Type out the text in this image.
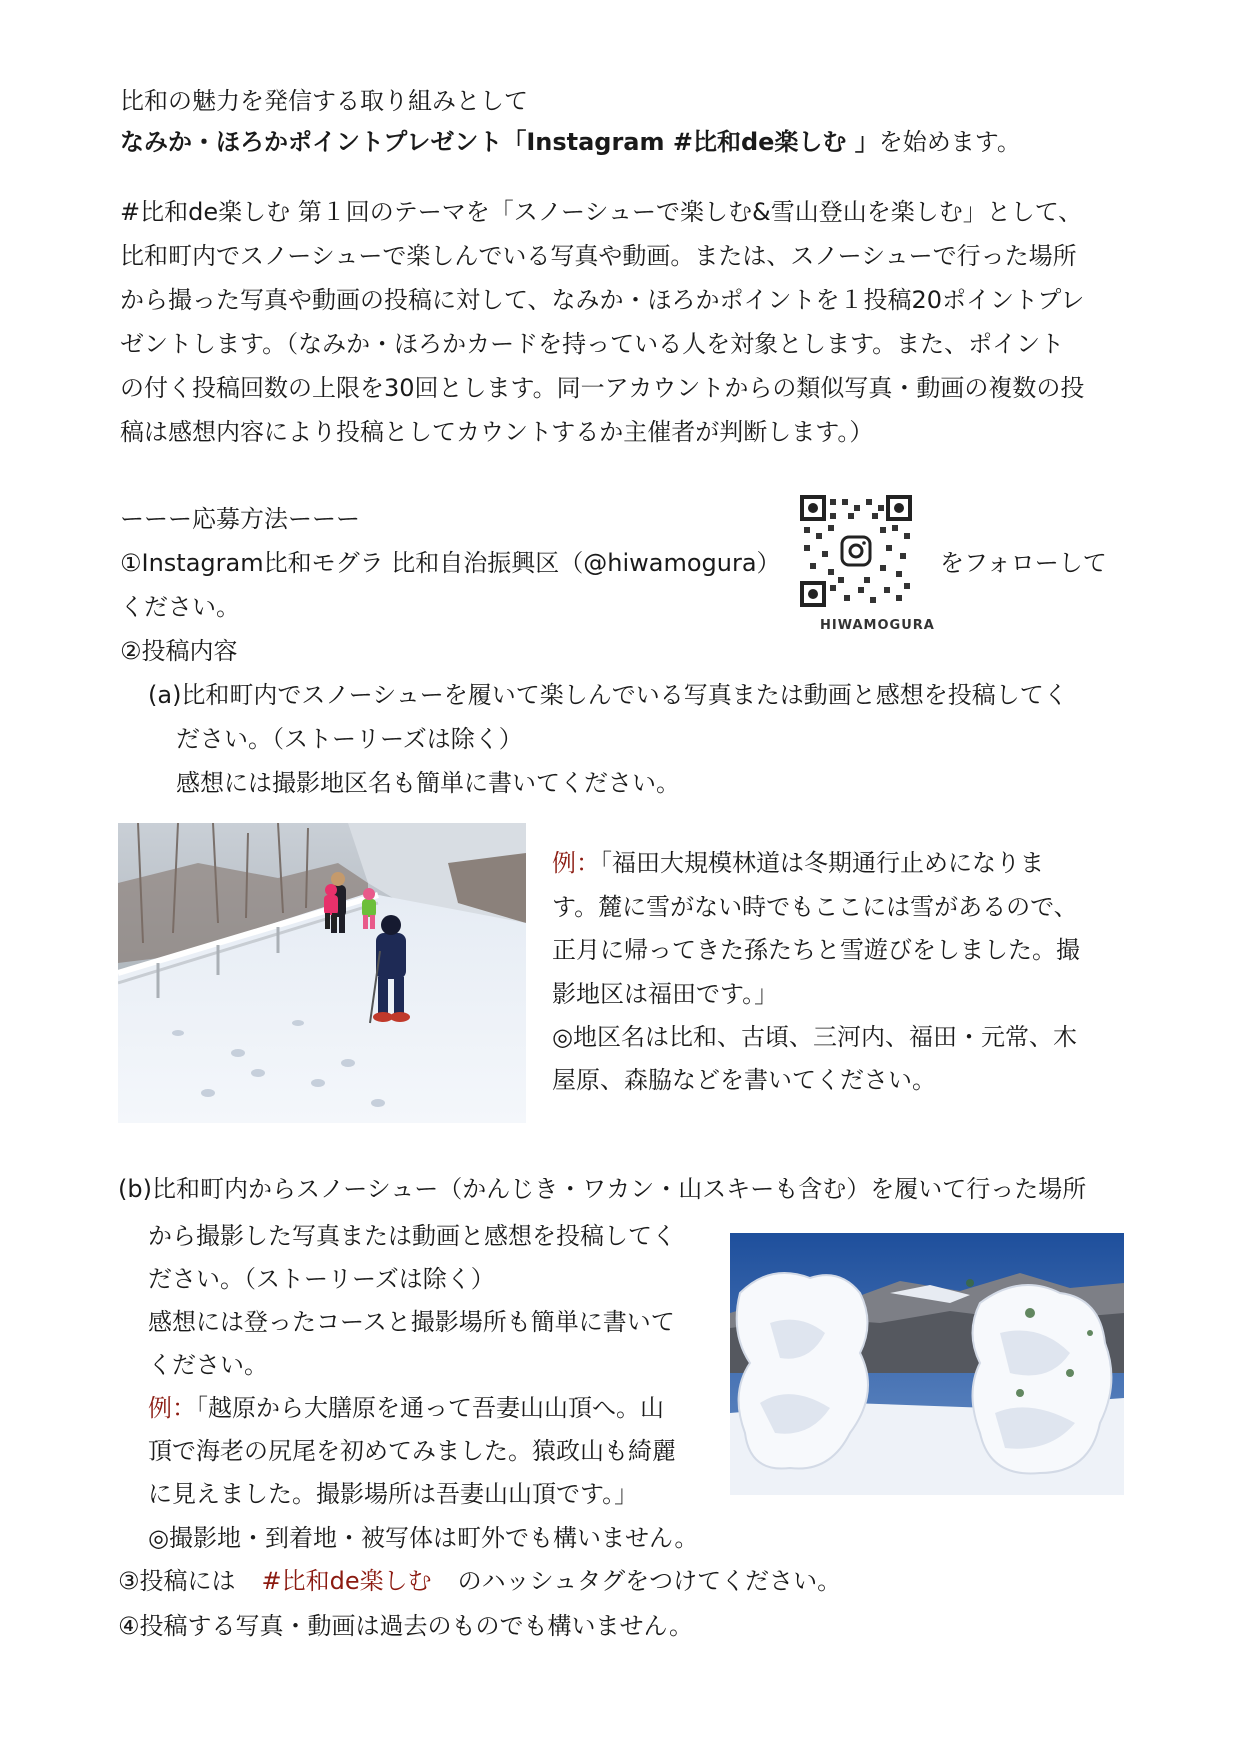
比和の魅力を発信する取り組みとして
なみか・ほろかポイントプレゼント「Instagram #比和de楽しむ 」を始めます。
#比和de楽しむ 第１回のテーマを「スノーシューで楽しむ&雪山登山を楽しむ」として、
比和町内でスノーシューで楽しんでいる写真や動画。または、スノーシューで行った場所
から撮った写真や動画の投稿に対して、なみか・ほろかポイントを１投稿20ポイントプレ
ゼントします。（なみか・ほろかカードを持っている人を対象とします。また、ポイント
の付く投稿回数の上限を30回とします。同一アカウントからの類似写真・動画の複数の投
稿は感想内容により投稿としてカウントするか主催者が判断します。）
ーーー応募方法ーーー
①Instagram比和モグラ 比和自治振興区（@hiwamogura）	をフォローして
ください。
HIWAMOGURA
②投稿内容
(a)比和町内でスノーシューを履いて楽しんでいる写真または動画と感想を投稿してく
ださい。（ストーリーズは除く）
感想には撮影地区名も簡単に書いてください。
例：「福田大規模林道は冬期通行止めになりま
す。麓に雪がない時でもここには雪があるので、
正月に帰ってきた孫たちと雪遊びをしました。撮
影地区は福田です。」
◎地区名は比和、古頃、三河内、福田・元常、木
屋原、森脇などを書いてください。
(b)比和町内からスノーシュー（かんじき・ワカン・山スキーも含む）を履いて行った場所
から撮影した写真または動画と感想を投稿してく
ださい。（ストーリーズは除く）
感想には登ったコースと撮影場所も簡単に書いて
ください。
例：「越原から大膳原を通って吾妻山山頂へ。山
頂で海老の尻尾を初めてみました。猿政山も綺麗
に見えました。撮影場所は吾妻山山頂です。」
◎撮影地・到着地・被写体は町外でも構いません。
③投稿には #比和de楽しむ のハッシュタグをつけてください。
④投稿する写真・動画は過去のものでも構いません。
